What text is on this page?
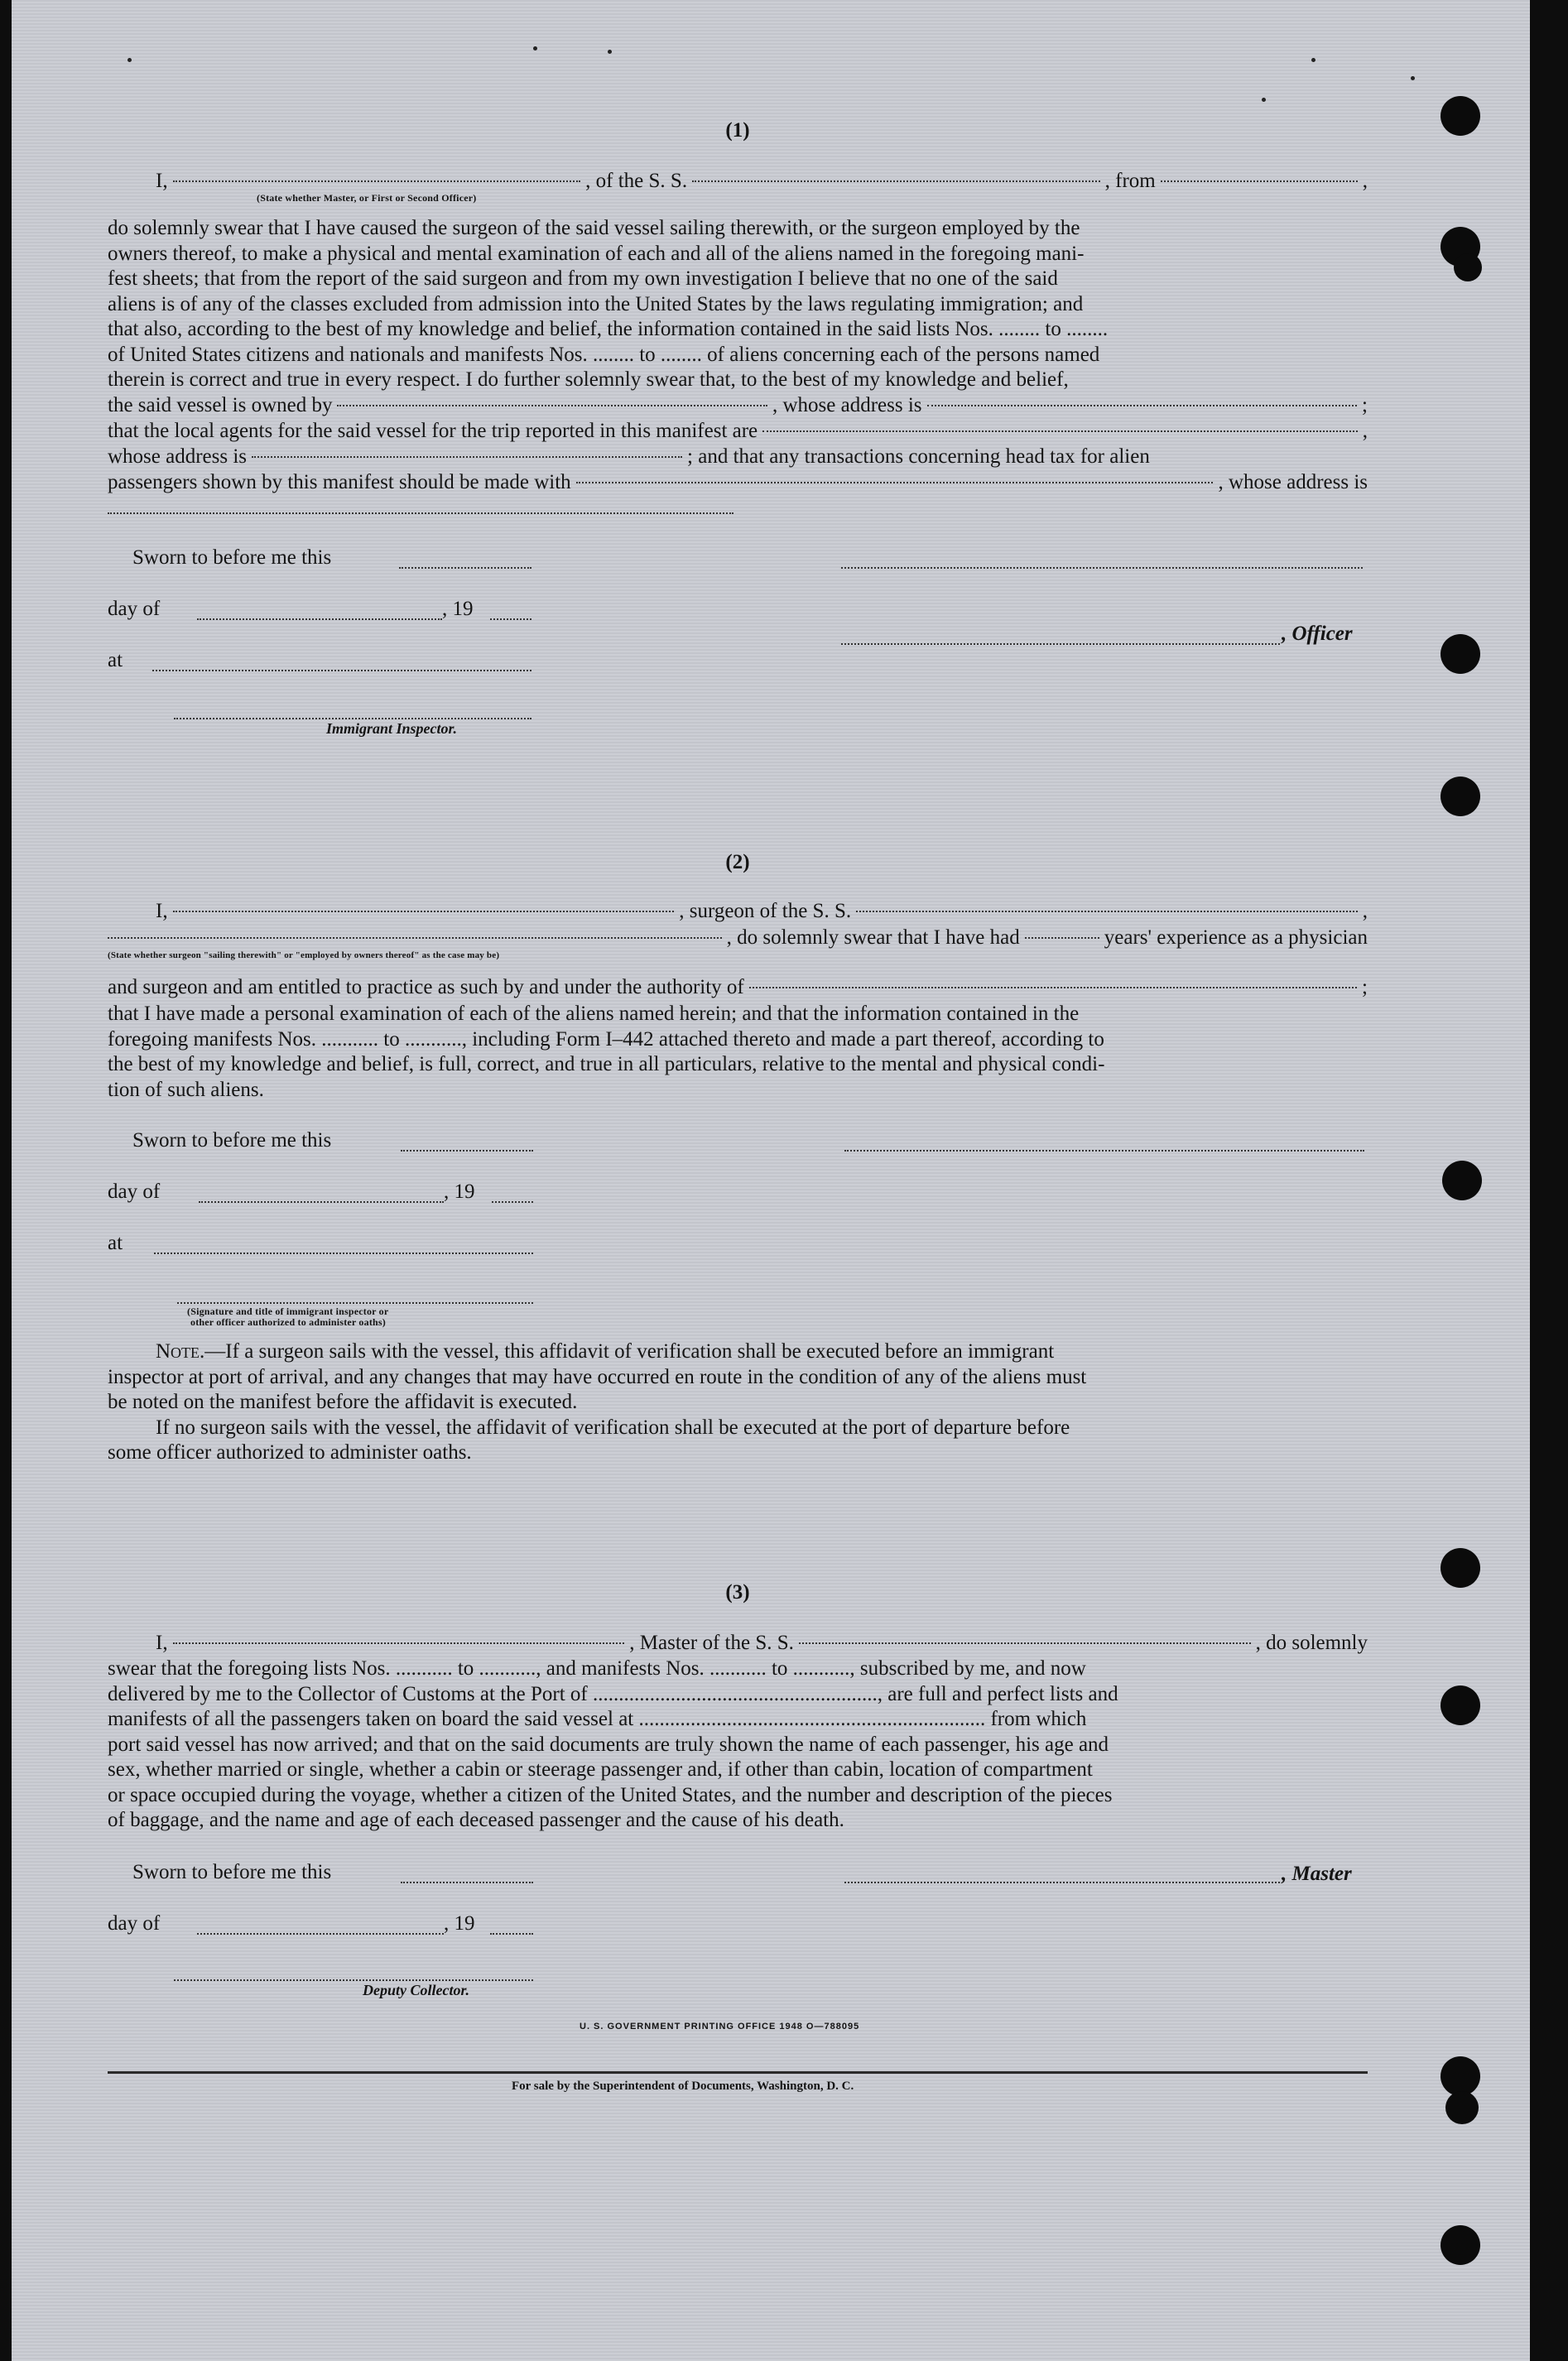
(1)
I,	, of the S. S.	, from	,
(State whether Master, or First or Second Officer)
do solemnly swear that I have caused the surgeon of the said vessel sailing therewith, or the surgeon employed by the
owners thereof, to make a physical and mental examination of each and all of the aliens named in the foregoing mani-
fest sheets; that from the report of the said surgeon and from my own investigation I believe that no one of the said
aliens is of any of the classes excluded from admission into the United States by the laws regulating immigration; and
that also, according to the best of my knowledge and belief, the information contained in the said lists Nos. ........ to ........
of United States citizens and nationals and manifests Nos. ........ to ........ of aliens concerning each of the persons named
therein is correct and true in every respect. I do further solemnly swear that, to the best of my knowledge and belief,
the said vessel is owned by	, whose address is	;
that the local agents for the said vessel for the trip reported in this manifest are	,
whose address is	; and that any transactions concerning head tax for alien
passengers shown by this manifest should be made with	, whose address is
Sworn to before me this
day of	, 19
, Officer
at
Immigrant Inspector.
(2)
I,	, surgeon of the S. S.	,
, do solemnly swear that I have had	years' experience as a physician
(State whether surgeon "sailing therewith" or "employed by owners thereof" as the case may be)
and surgeon and am entitled to practice as such by and under the authority of	;
that I have made a personal examination of each of the aliens named herein; and that the information contained in the
foregoing manifests Nos. ........... to ..........., including Form I–442 attached thereto and made a part thereof, according to
the best of my knowledge and belief, is full, correct, and true in all particulars, relative to the mental and physical condi-
tion of such aliens.
Sworn to before me this
day of	, 19
at
(Signature and title of immigrant inspector or
other officer authorized to administer oaths)
Note.—If a surgeon sails with the vessel, this affidavit of verification shall be executed before an immigrant
inspector at port of arrival, and any changes that may have occurred en route in the condition of any of the aliens must
be noted on the manifest before the affidavit is executed.
If no surgeon sails with the vessel, the affidavit of verification shall be executed at the port of departure before
some officer authorized to administer oaths.
(3)
I,	, Master of the S. S.	, do solemnly
swear that the foregoing lists Nos. ........... to ..........., and manifests Nos. ........... to ..........., subscribed by me, and now
delivered by me to the Collector of Customs at the Port of ......................................................., are full and perfect lists and
manifests of all the passengers taken on board the said vessel at ................................................................... from which
port said vessel has now arrived; and that on the said documents are truly shown the name of each passenger, his age and
sex, whether married or single, whether a cabin or steerage passenger and, if other than cabin, location of compartment
or space occupied during the voyage, whether a citizen of the United States, and the number and description of the pieces
of baggage, and the name and age of each deceased passenger and the cause of his death.
Sworn to before me this	, Master
day of	, 19
Deputy Collector.
U. S. GOVERNMENT PRINTING OFFICE 1948 O—788095
For sale by the Superintendent of Documents, Washington, D. C.
